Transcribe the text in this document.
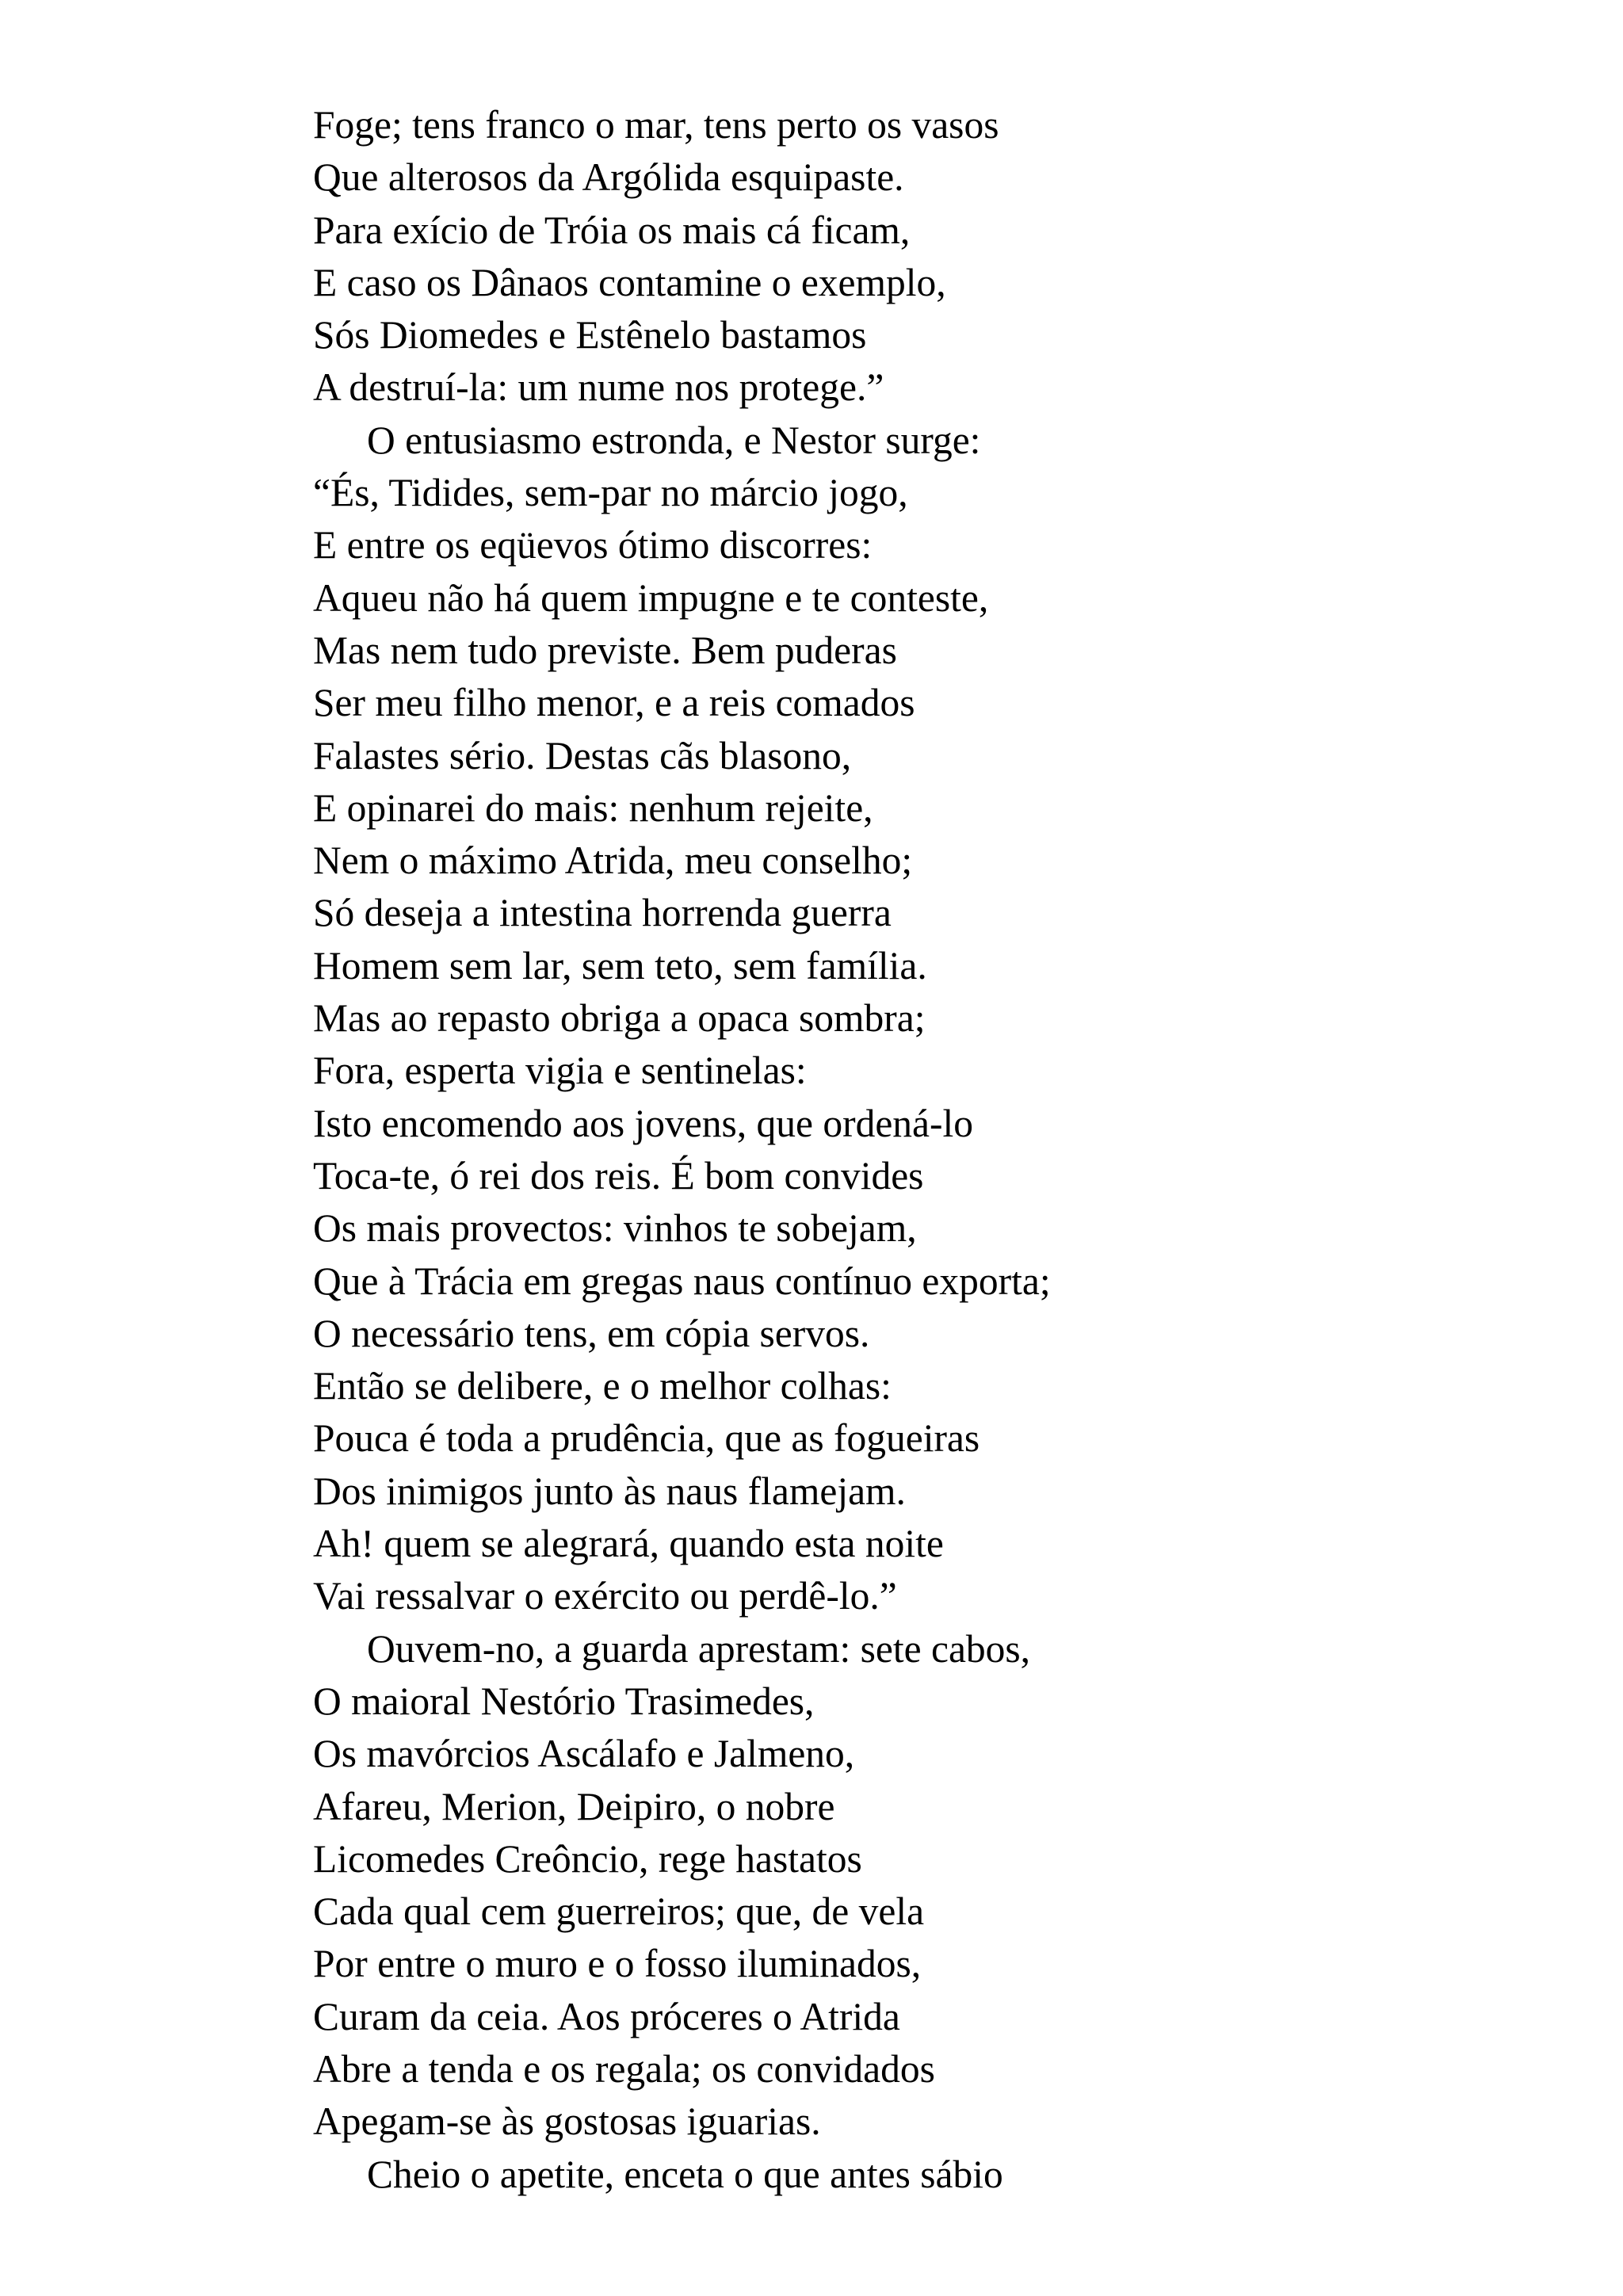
Foge; tens franco o mar, tens perto os vasos
Que alterosos da Argólida esquipaste.
Para exício de Tróia os mais cá ficam,
E caso os Dânaos contamine o exemplo,
Sós Diomedes e Estênelo bastamos
A destruí-la: um nume nos protege.”
O entusiasmo estronda, e Nestor surge:
“És, Tidides, sem-par no márcio jogo,
E entre os eqüevos ótimo discorres:
Aqueu não há quem impugne e te conteste,
Mas nem tudo previste. Bem puderas
Ser meu filho menor, e a reis comados
Falastes sério. Destas cãs blasono,
E opinarei do mais: nenhum rejeite,
Nem o máximo Atrida, meu conselho;
Só deseja a intestina horrenda guerra
Homem sem lar, sem teto, sem família.
Mas ao repasto obriga a opaca sombra;
Fora, esperta vigia e sentinelas:
Isto encomendo aos jovens, que ordená-lo
Toca-te, ó rei dos reis. É bom convides
Os mais provectos: vinhos te sobejam,
Que à Trácia em gregas naus contínuo exporta;
O necessário tens, em cópia servos.
Então se delibere, e o melhor colhas:
Pouca é toda a prudência, que as fogueiras
Dos inimigos junto às naus flamejam.
Ah! quem se alegrará, quando esta noite
Vai ressalvar o exército ou perdê-lo.”
Ouvem-no, a guarda aprestam: sete cabos,
O maioral Nestório Trasimedes,
Os mavórcios Ascálafo e Jalmeno,
Afareu, Merion, Deipiro, o nobre
Licomedes Creôncio, rege hastatos
Cada qual cem guerreiros; que, de vela
Por entre o muro e o fosso iluminados,
Curam da ceia. Aos próceres o Atrida
Abre a tenda e os regala; os convidados
Apegam-se às gostosas iguarias.
Cheio o apetite, enceta o que antes sábio
